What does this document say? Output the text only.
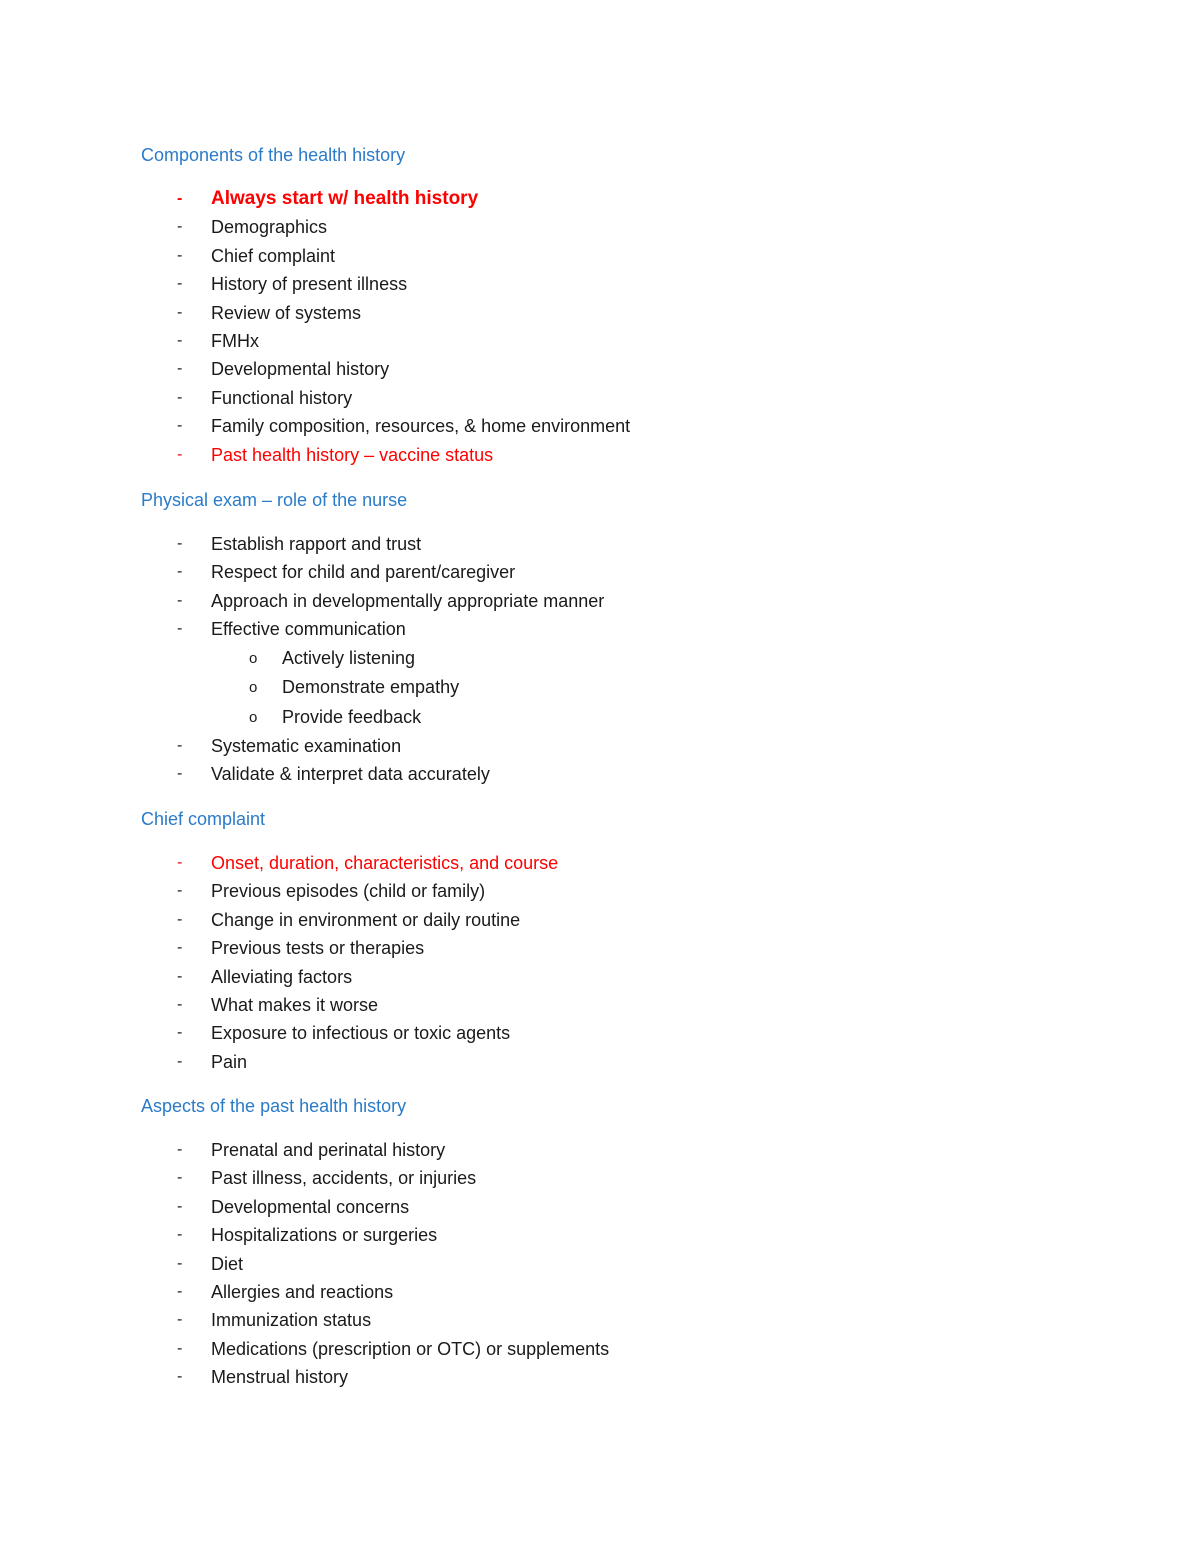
Components of the health history
- Always start w/ health history
- Demographics
- Chief complaint
- History of present illness
- Review of systems
- FMHx
- Developmental history
- Functional history
- Family composition, resources, & home environment
- Past health history – vaccine status
Physical exam – role of the nurse
- Establish rapport and trust
- Respect for child and parent/caregiver
- Approach in developmentally appropriate manner
- Effective communication
o Actively listening
o Demonstrate empathy
o Provide feedback
- Systematic examination
- Validate & interpret data accurately
Chief complaint
- Onset, duration, characteristics, and course
- Previous episodes (child or family)
- Change in environment or daily routine
- Previous tests or therapies
- Alleviating factors
- What makes it worse
- Exposure to infectious or toxic agents
- Pain
Aspects of the past health history
- Prenatal and perinatal history
- Past illness, accidents, or injuries
- Developmental concerns
- Hospitalizations or surgeries
- Diet
- Allergies and reactions
- Immunization status
- Medications (prescription or OTC) or supplements
- Menstrual history
